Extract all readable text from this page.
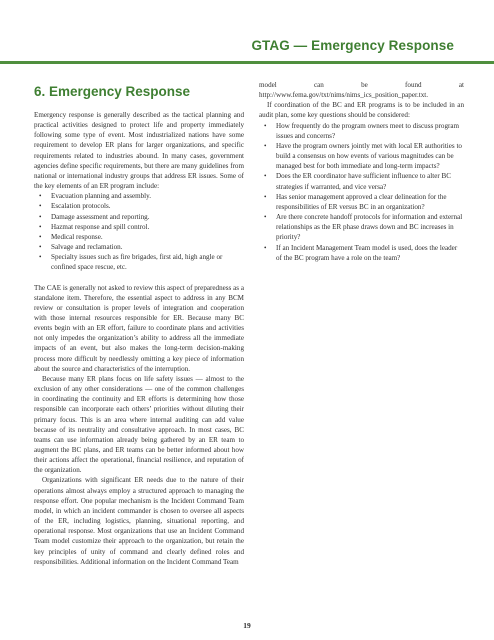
GTAG — Emergency Response
6. Emergency Response

Emergency response is generally described as the tactical planning and practical activities designed to protect life and property immediately following some type of event. Most industrialized nations have some requirement to develop ER plans for larger organizations, and specific requirements related to industries abound. In many cases, government agencies define specific requirements, but there are many guidelines from national or international industry groups that address ER issues. Some of the key elements of an ER program include:

• Evacuation planning and assembly.
• Escalation protocols.
• Damage assessment and reporting.
• Hazmat response and spill control.
• Medical response.
• Salvage and reclamation.
• Specialty issues such as fire brigades, first aid, high angle or confined space rescue, etc.

The CAE is generally not asked to review this aspect of preparedness as a standalone item. Therefore, the essential aspect to address in any BCM review or consultation is proper levels of integration and cooperation with those internal resources responsible for ER. Because many BC events begin with an ER effort, failure to coordinate plans and activities not only impedes the organization’s ability to address all the immediate impacts of an event, but also makes the long-term decision-making process more difficult by needlessly omitting a key piece of information about the source and characteristics of the interruption.

Because many ER plans focus on life safety issues — almost to the exclusion of any other considerations — one of the common challenges in coordinating the continuity and ER efforts is determining how those responsible can incorporate each others’ priorities without diluting their primary focus. This is an area where internal auditing can add value because of its neutrality and consultative approach. In most cases, BC teams can use information already being gathered by an ER team to augment the BC plans, and ER teams can be better informed about how their actions affect the operational, financial resilience, and reputation of the organization.

Organizations with significant ER needs due to the nature of their operations almost always employ a structured approach to managing the response effort. One popular mechanism is the Incident Command Team model, in which an incident commander is chosen to oversee all aspects of the ER, including logistics, planning, situational reporting, and operational response. Most organizations that use an Incident Command Team model customize their approach to the organization, but retain the key principles of unity of command and clearly defined roles and responsibilities. Additional information on the Incident Command Team

model can be found at http://www.fema.gov/txt/nims/nims_ics_position_paper.txt.

If coordination of the BC and ER programs is to be included in an audit plan, some key questions should be considered:

• How frequently do the program owners meet to discuss program issues and concerns?
• Have the program owners jointly met with local ER authorities to build a consensus on how events of various magnitudes can be managed best for both immediate and long-term impacts?
• Does the ER coordinator have sufficient influence to alter BC strategies if warranted, and vice versa?
• Has senior management approved a clear delineation for the responsibilities of ER versus BC in an organization?
• Are there concrete handoff protocols for information and external relationships as the ER phase draws down and BC increases in priority?
• If an Incident Management Team model is used, does the leader of the BC program have a role on the team?
19
